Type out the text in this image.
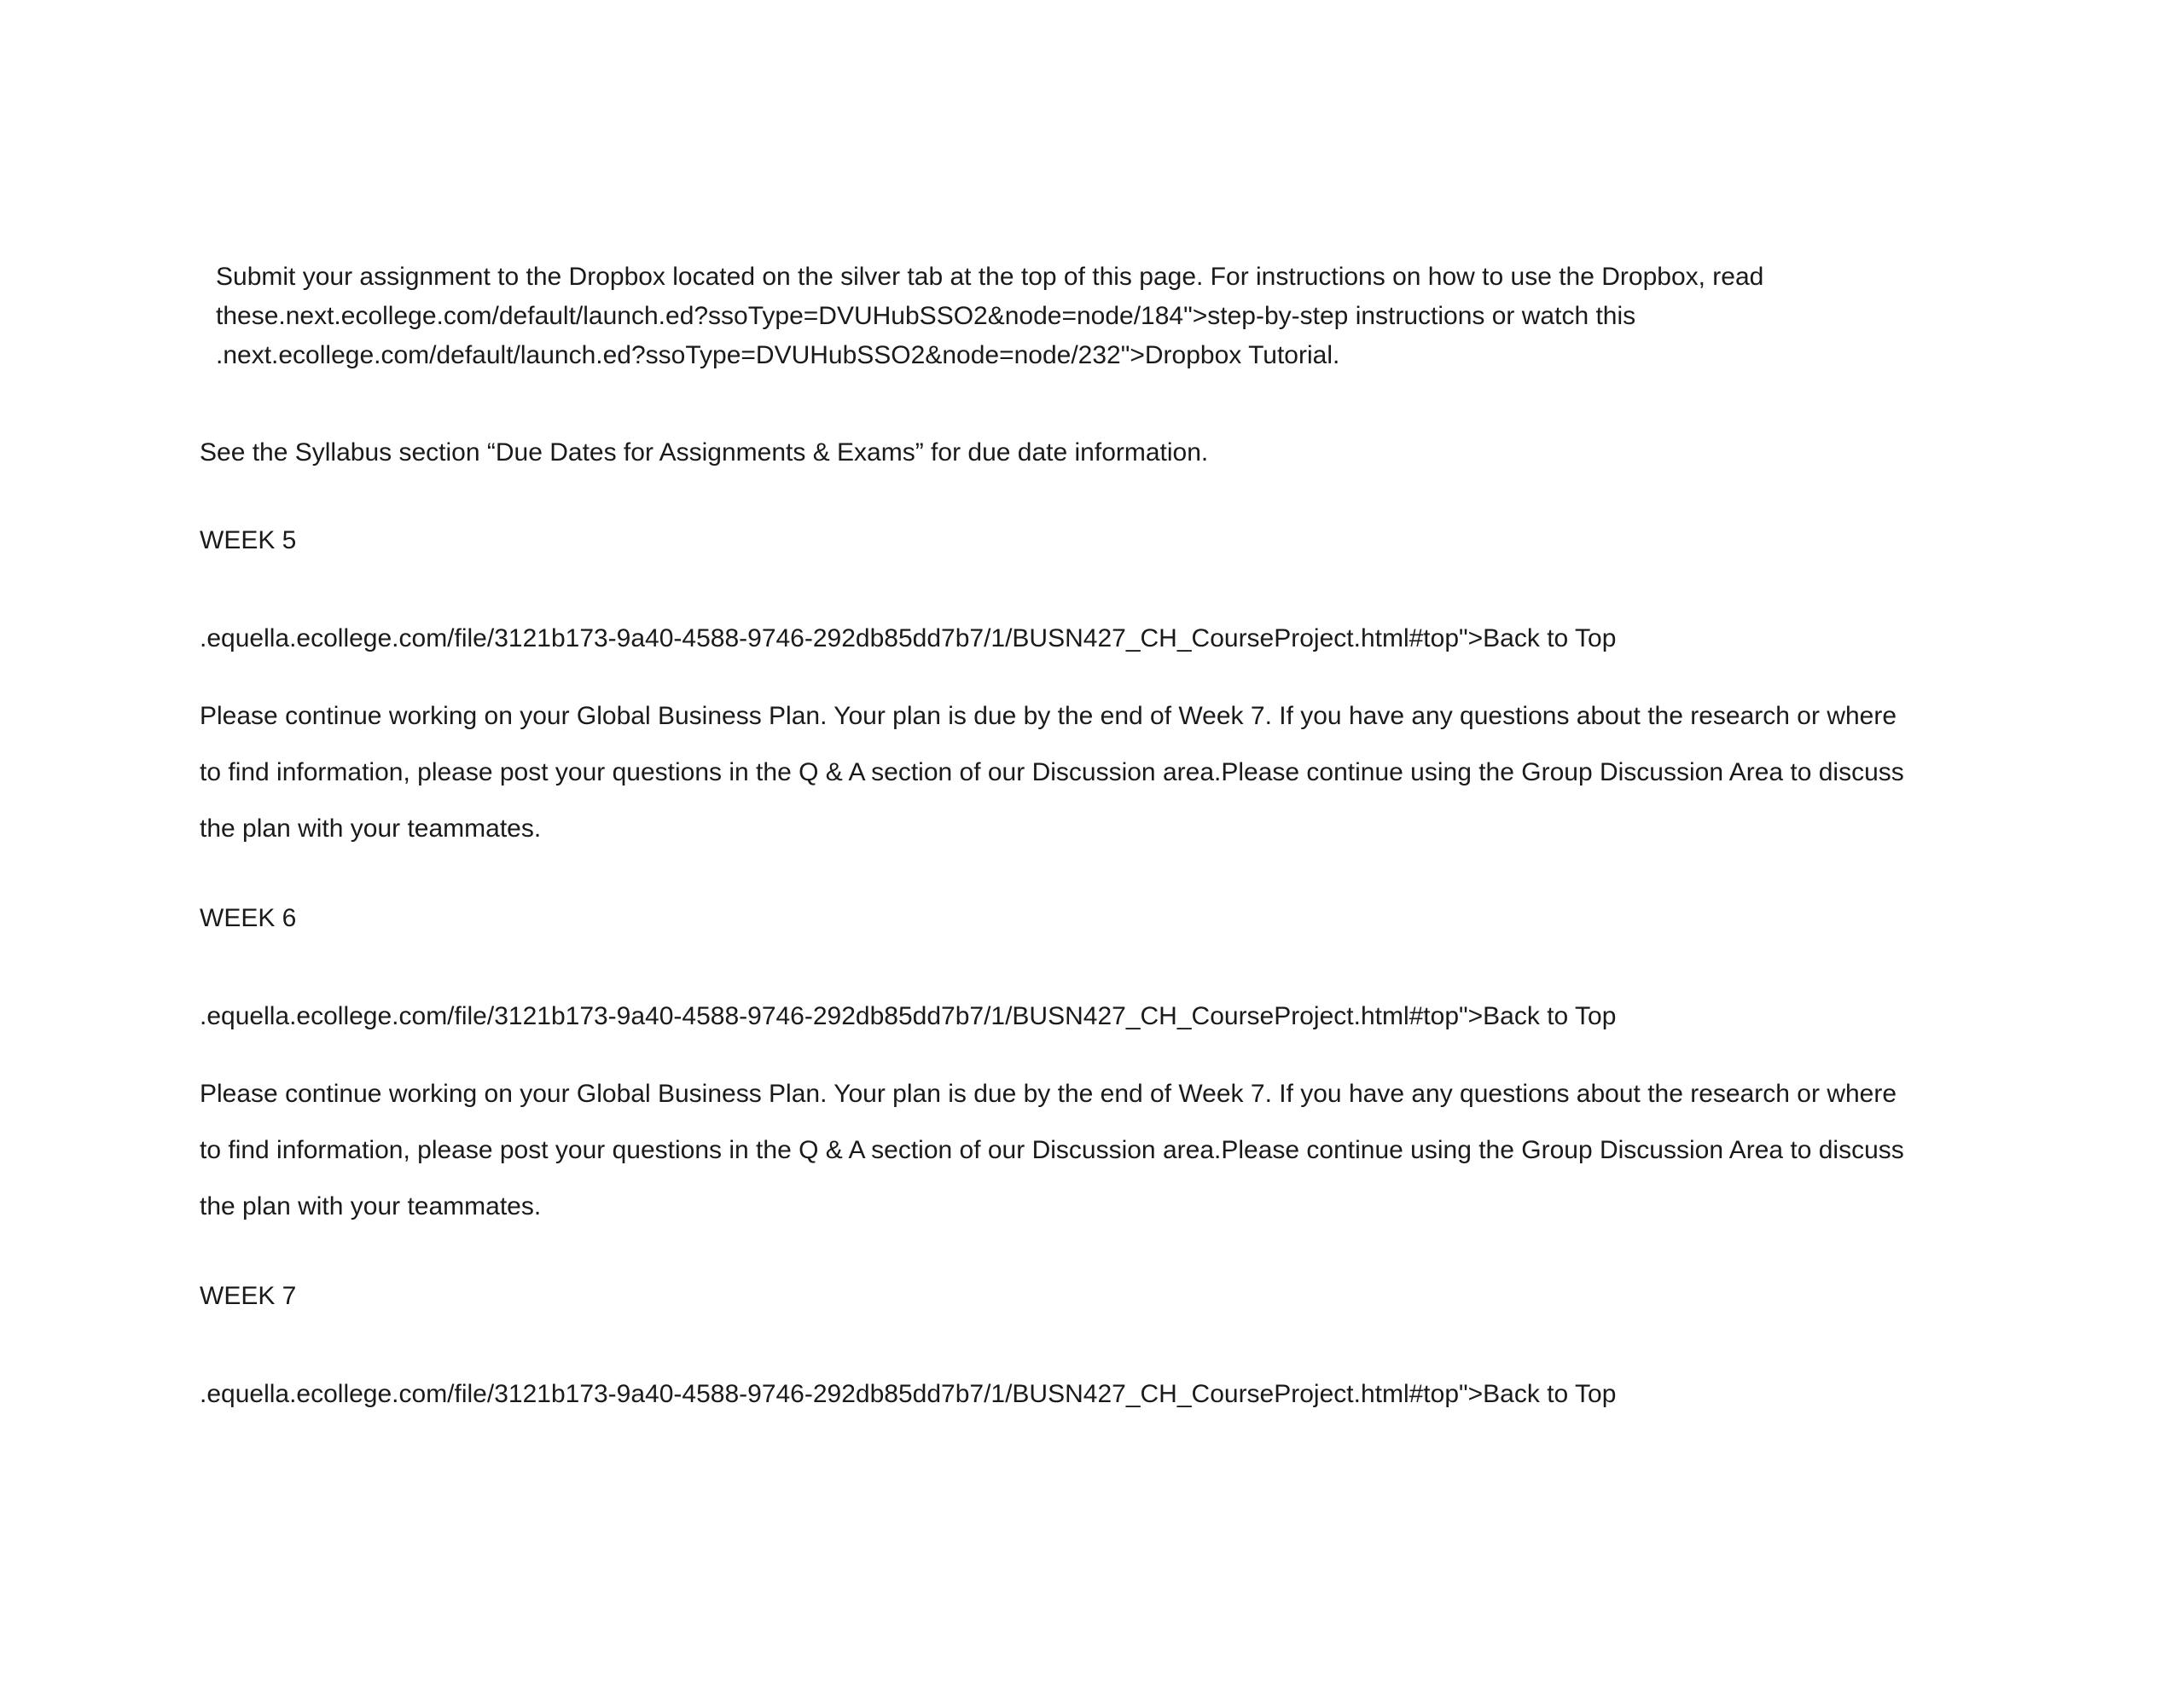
Submit your assignment to the Dropbox located on the silver tab at the top of this page. For instructions on how to use the Dropbox, read
these.next.ecollege.com/default/launch.ed?ssoType=DVUHubSSO2&node=node/184">step-by-step instructions or watch this
.next.ecollege.com/default/launch.ed?ssoType=DVUHubSSO2&node=node/232">Dropbox Tutorial.
See the Syllabus section “Due Dates for Assignments & Exams” for due date information.
WEEK 5
.equella.ecollege.com/file/3121b173-9a40-4588-9746-292db85dd7b7/1/BUSN427_CH_CourseProject.html#top">Back to Top
Please continue working on your Global Business Plan. Your plan is due by the end of Week 7. If you have any questions about the research or where
to find information, please post your questions in the Q & A section of our Discussion area.Please continue using the Group Discussion Area to discuss
the plan with your teammates.
WEEK 6
.equella.ecollege.com/file/3121b173-9a40-4588-9746-292db85dd7b7/1/BUSN427_CH_CourseProject.html#top">Back to Top
Please continue working on your Global Business Plan. Your plan is due by the end of Week 7. If you have any questions about the research or where
to find information, please post your questions in the Q & A section of our Discussion area.Please continue using the Group Discussion Area to discuss
the plan with your teammates.
WEEK 7
.equella.ecollege.com/file/3121b173-9a40-4588-9746-292db85dd7b7/1/BUSN427_CH_CourseProject.html#top">Back to Top
